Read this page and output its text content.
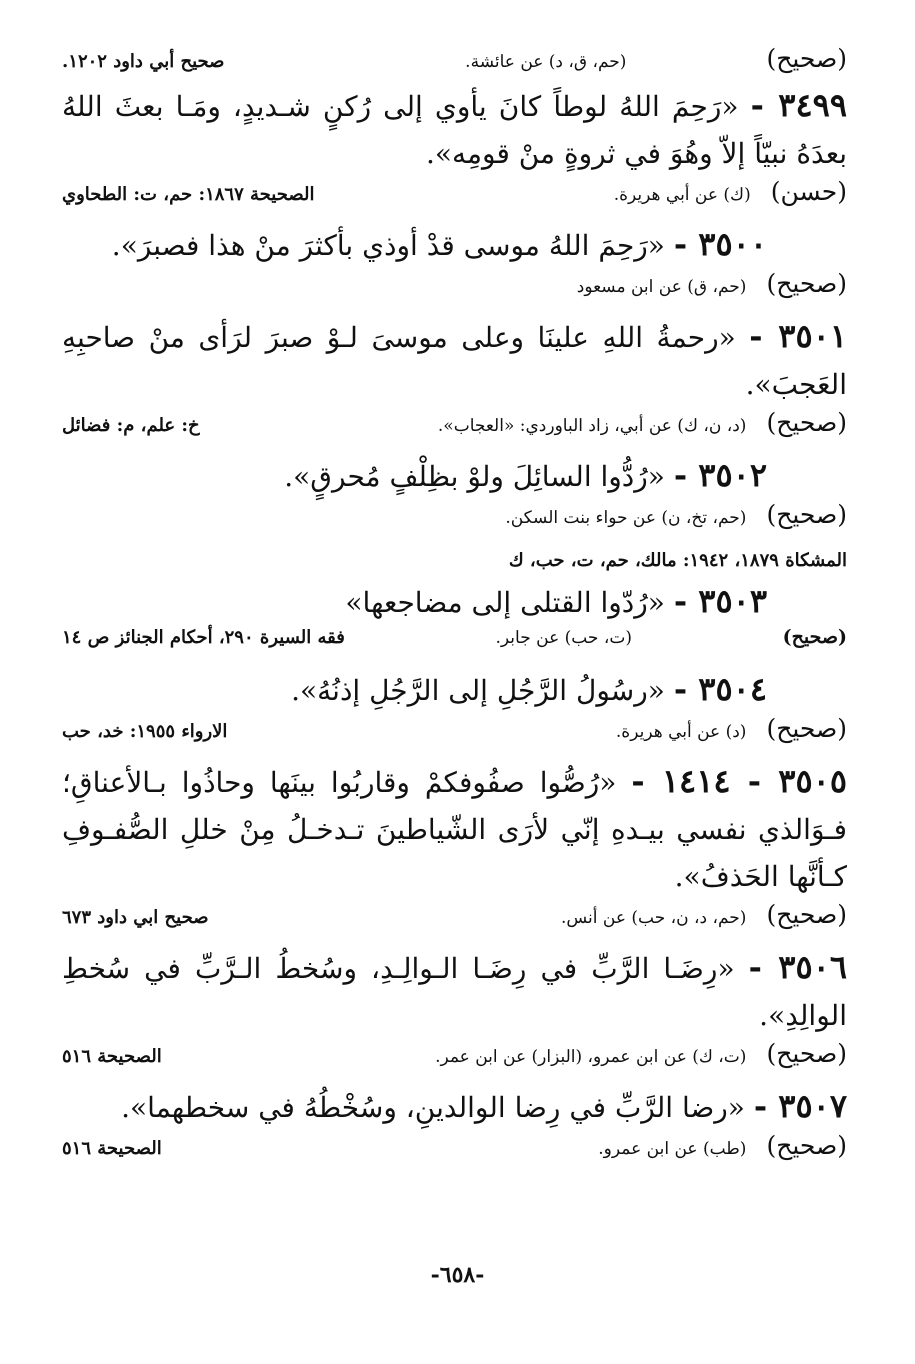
(صحيح)
(حم، ق، د) عن عائشة.
صحيح أبي داود ١٢٠٢.
٣٤٩٩ - «رَحِمَ اللهُ لوطاً كانَ يأوي إلى رُكنٍ شـديدٍ، ومَـا بعثَ اللهُ بعدَهُ نبيّاً إلاّ وهُوَ في ثروةٍ منْ قومِه».
(حسن)
(ك) عن أبي هريرة.
الصحيحة ١٨٦٧: حم، ت: الطحاوي
٣٥٠٠ - «رَحِمَ اللهُ موسى قدْ أوذي بأكثرَ منْ هذا فصبرَ».
(صحيح)
(حم، ق) عن ابن مسعود
٣٥٠١ - «رحمةُ اللهِ علينَا وعلى موسىَ لـوْ صبرَ لرَأى منْ صاحبِهِ العَجبَ».
(صحيح)
(د، ن، ك) عن أبي، زاد الباوردي: «العجاب».
خ: علم، م: فضائل
٣٥٠٢ - «رُدُّوا السائِلَ ولوْ بظِلْفٍ مُحرقٍ».
(صحيح)
(حم، تخ، ن) عن حواء بنت السكن.
المشكاة ١٨٧٩، ١٩٤٢: مالك، حم، ت، حب، ك
٣٥٠٣ - «رُدّوا القتلى إلى مضاجعها»
(صحيح)
(ت، حب) عن جابر.
فقه السيرة ٢٩٠، أحكام الجنائز ص ١٤
٣٥٠٤ - «رسُولُ الرَّجُلِ إلى الرَّجُلِ إذنُهُ».
(صحيح)
(د) عن أبي هريرة.
الارواء ١٩٥٥: خد، حب
٣٥٠٥ - ١٤١٤ - «رُصُّوا صفُوفكمْ وقاربُوا بينَها وحاذُوا بـالأعناقِ؛ فـوَالذي نفسي بيـدهِ إنّي لأرَى الشّياطينَ تـدخـلُ مِنْ خللِ الصُّفـوفِ كـأنَّها الحَذفُ».
(صحيح)
(حم، د، ن، حب) عن أنس.
صحيح ابي داود ٦٧٣
٣٥٠٦ - «رِضَـا الرَّبِّ في رِضَـا الـوالِـدِ، وسُخطُ الـرَّبِّ في سُخطِ الوالِدِ».
(صحيح)
(ت، ك) عن ابن عمرو، (البزار) عن ابن عمر.
الصحيحة ٥١٦
٣٥٠٧ - «رضا الرَّبِّ في رِضا الوالدينِ، وسُخْطُهُ في سخطهما».
(صحيح)
(طب) عن ابن عمرو.
الصحيحة ٥١٦
-٦٥٨-
